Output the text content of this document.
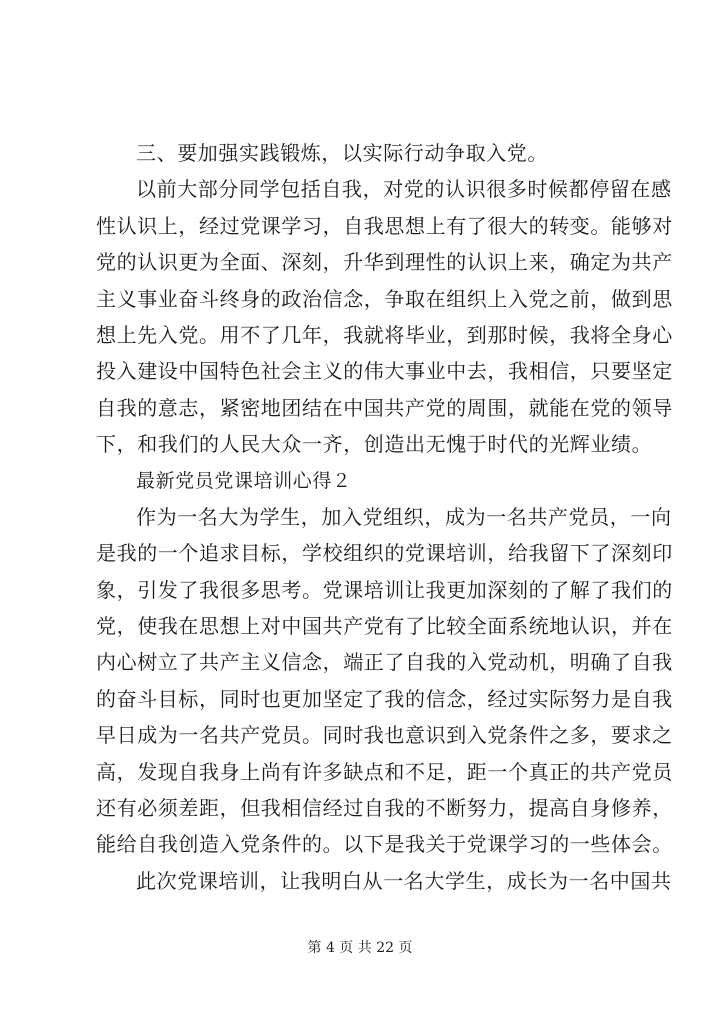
三、要加强实践锻炼，以实际行动争取入党。
以前大部分同学包括自我，对党的认识很多时候都停留在感
性认识上，经过党课学习，自我思想上有了很大的转变。能够对
党的认识更为全面、深刻，升华到理性的认识上来，确定为共产
主义事业奋斗终身的政治信念，争取在组织上入党之前，做到思
想上先入党。用不了几年，我就将毕业，到那时候，我将全身心
投入建设中国特色社会主义的伟大事业中去，我相信，只要坚定
自我的意志，紧密地团结在中国共产党的周围，就能在党的领导
下，和我们的人民大众一齐，创造出无愧于时代的光辉业绩。
最新党员党课培训心得２
作为一名大为学生，加入党组织，成为一名共产党员，一向
是我的一个追求目标，学校组织的党课培训，给我留下了深刻印
象，引发了我很多思考。党课培训让我更加深刻的了解了我们的
党，使我在思想上对中国共产党有了比较全面系统地认识，并在
内心树立了共产主义信念，端正了自我的入党动机，明确了自我
的奋斗目标，同时也更加坚定了我的信念，经过实际努力是自我
早日成为一名共产党员。同时我也意识到入党条件之多，要求之
高，发现自我身上尚有许多缺点和不足，距一个真正的共产党员
还有必须差距，但我相信经过自我的不断努力，提高自身修养，
能给自我创造入党条件的。以下是我关于党课学习的一些体会。
此次党课培训，让我明白从一名大学生，成长为一名中国共
第 4 页 共 22 页
